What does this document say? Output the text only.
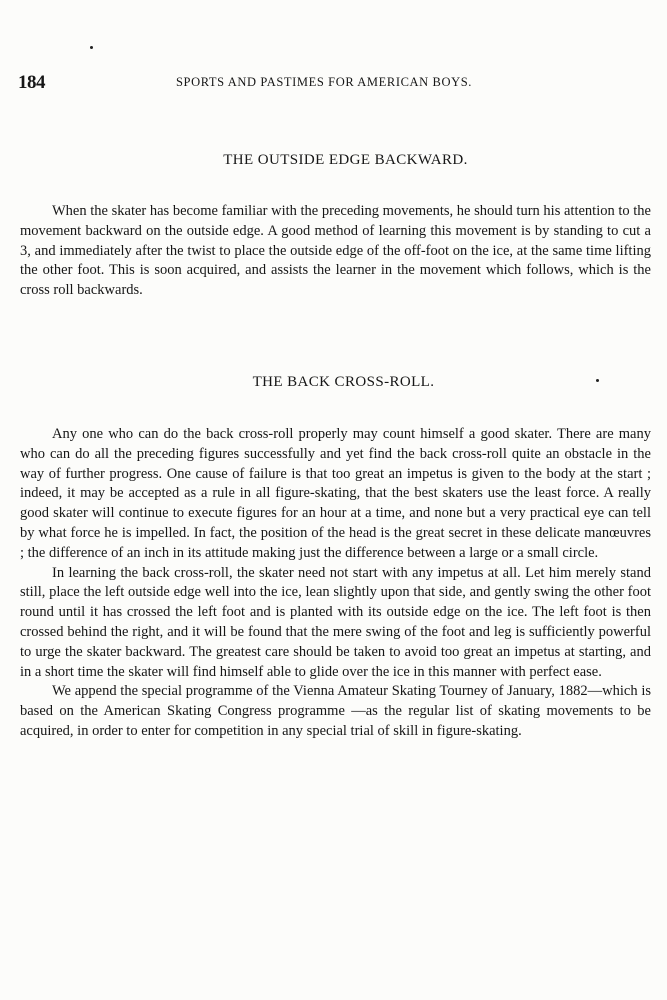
184	SPORTS AND PASTIMES FOR AMERICAN BOYS.
THE OUTSIDE EDGE BACKWARD.

When the skater has become familiar with the preceding movements, he should turn his attention to the movement backward on the outside edge. A good method of learning this movement is by standing to cut a 3, and immediately after the twist to place the outside edge of the off-foot on the ice, at the same time lifting the other foot. This is soon acquired, and assists the learner in the movement which follows, which is the cross roll backwards.

THE BACK CROSS-ROLL.

Any one who can do the back cross-roll properly may count himself a good skater. There are many who can do all the preceding figures successfully and yet find the back cross-roll quite an obstacle in the way of further progress. One cause of failure is that too great an impetus is given to the body at the start ; indeed, it may be accepted as a rule in all figure-skating, that the best skaters use the least force. A really good skater will continue to execute figures for an hour at a time, and none but a very practical eye can tell by what force he is impelled. In fact, the position of the head is the great secret in these delicate manœuvres ; the difference of an inch in its attitude making just the difference between a large or a small circle.

In learning the back cross-roll, the skater need not start with any impetus at all. Let him merely stand still, place the left outside edge well into the ice, lean slightly upon that side, and gently swing the other foot round until it has crossed the left foot and is planted with its outside edge on the ice. The left foot is then crossed behind the right, and it will be found that the mere swing of the foot and leg is sufficiently powerful to urge the skater backward. The greatest care should be taken to avoid too great an impetus at starting, and in a short time the skater will find himself able to glide over the ice in this manner with perfect ease.

We append the special programme of the Vienna Amateur Skating Tourney of January, 1882—which is based on the American Skating Congress programme —as the regular list of skating movements to be acquired, in order to enter for competition in any special trial of skill in figure-skating.
